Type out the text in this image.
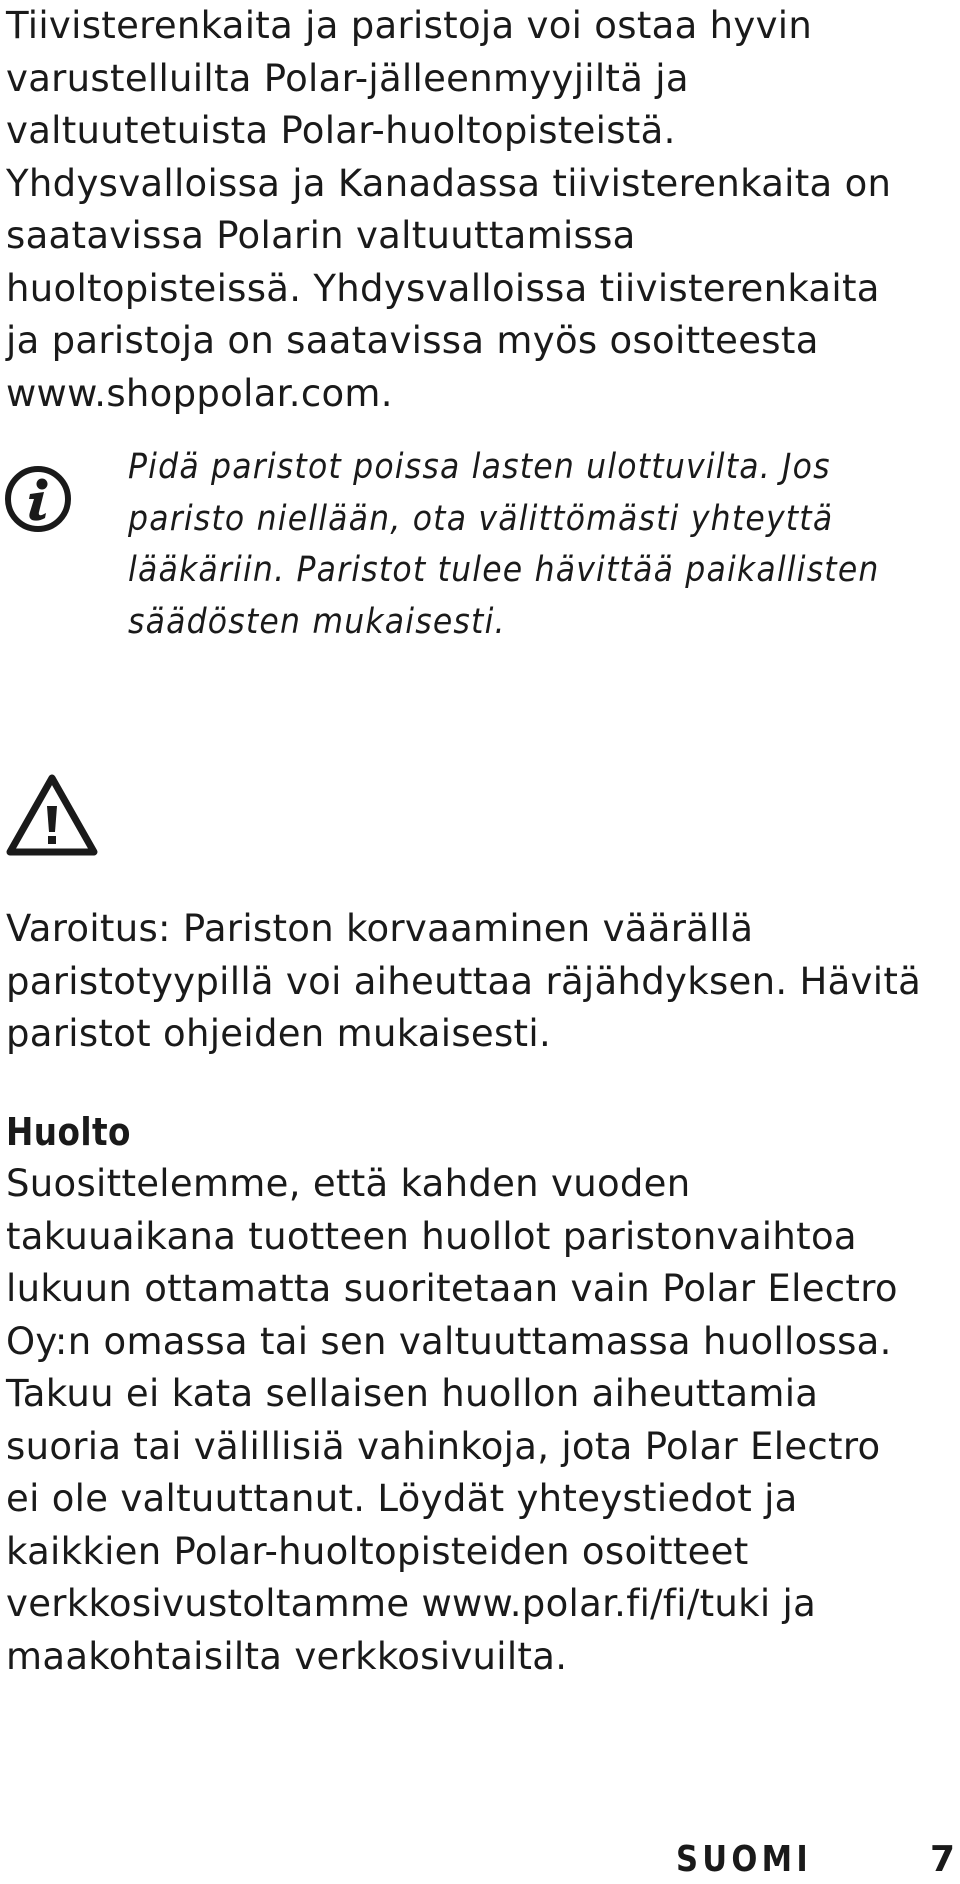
Tiivisterenkaita ja paristoja voi ostaa hyvin
varustelluilta Polar-jälleenmyyjiltä ja
valtuutetuista Polar-huoltopisteistä.
Yhdysvalloissa ja Kanadassa tiivisterenkaita on
saatavissa Polarin valtuuttamissa
huoltopisteissä. Yhdysvalloissa tiivisterenkaita
ja paristoja on saatavissa myös osoitteesta
www.shoppolar.com.
Pidä paristot poissa lasten ulottuvilta. Jos
paristo niellään, ota välittömästi yhteyttä
lääkäriin. Paristot tulee hävittää paikallisten
säädösten mukaisesti.
Varoitus: Pariston korvaaminen väärällä
paristotyypillä voi aiheuttaa räjähdyksen. Hävitä
paristot ohjeiden mukaisesti.
Huolto
Suosittelemme, että kahden vuoden
takuuaikana tuotteen huollot paristonvaihtoa
lukuun ottamatta suoritetaan vain Polar Electro
Oy:n omassa tai sen valtuuttamassa huollossa.
Takuu ei kata sellaisen huollon aiheuttamia
suoria tai välillisiä vahinkoja, jota Polar Electro
ei ole valtuuttanut. Löydät yhteystiedot ja
kaikkien Polar-huoltopisteiden osoitteet
verkkosivustoltamme www.polar.fi/fi/tuki ja
maakohtaisilta verkkosivuilta.
SUOMI	7
